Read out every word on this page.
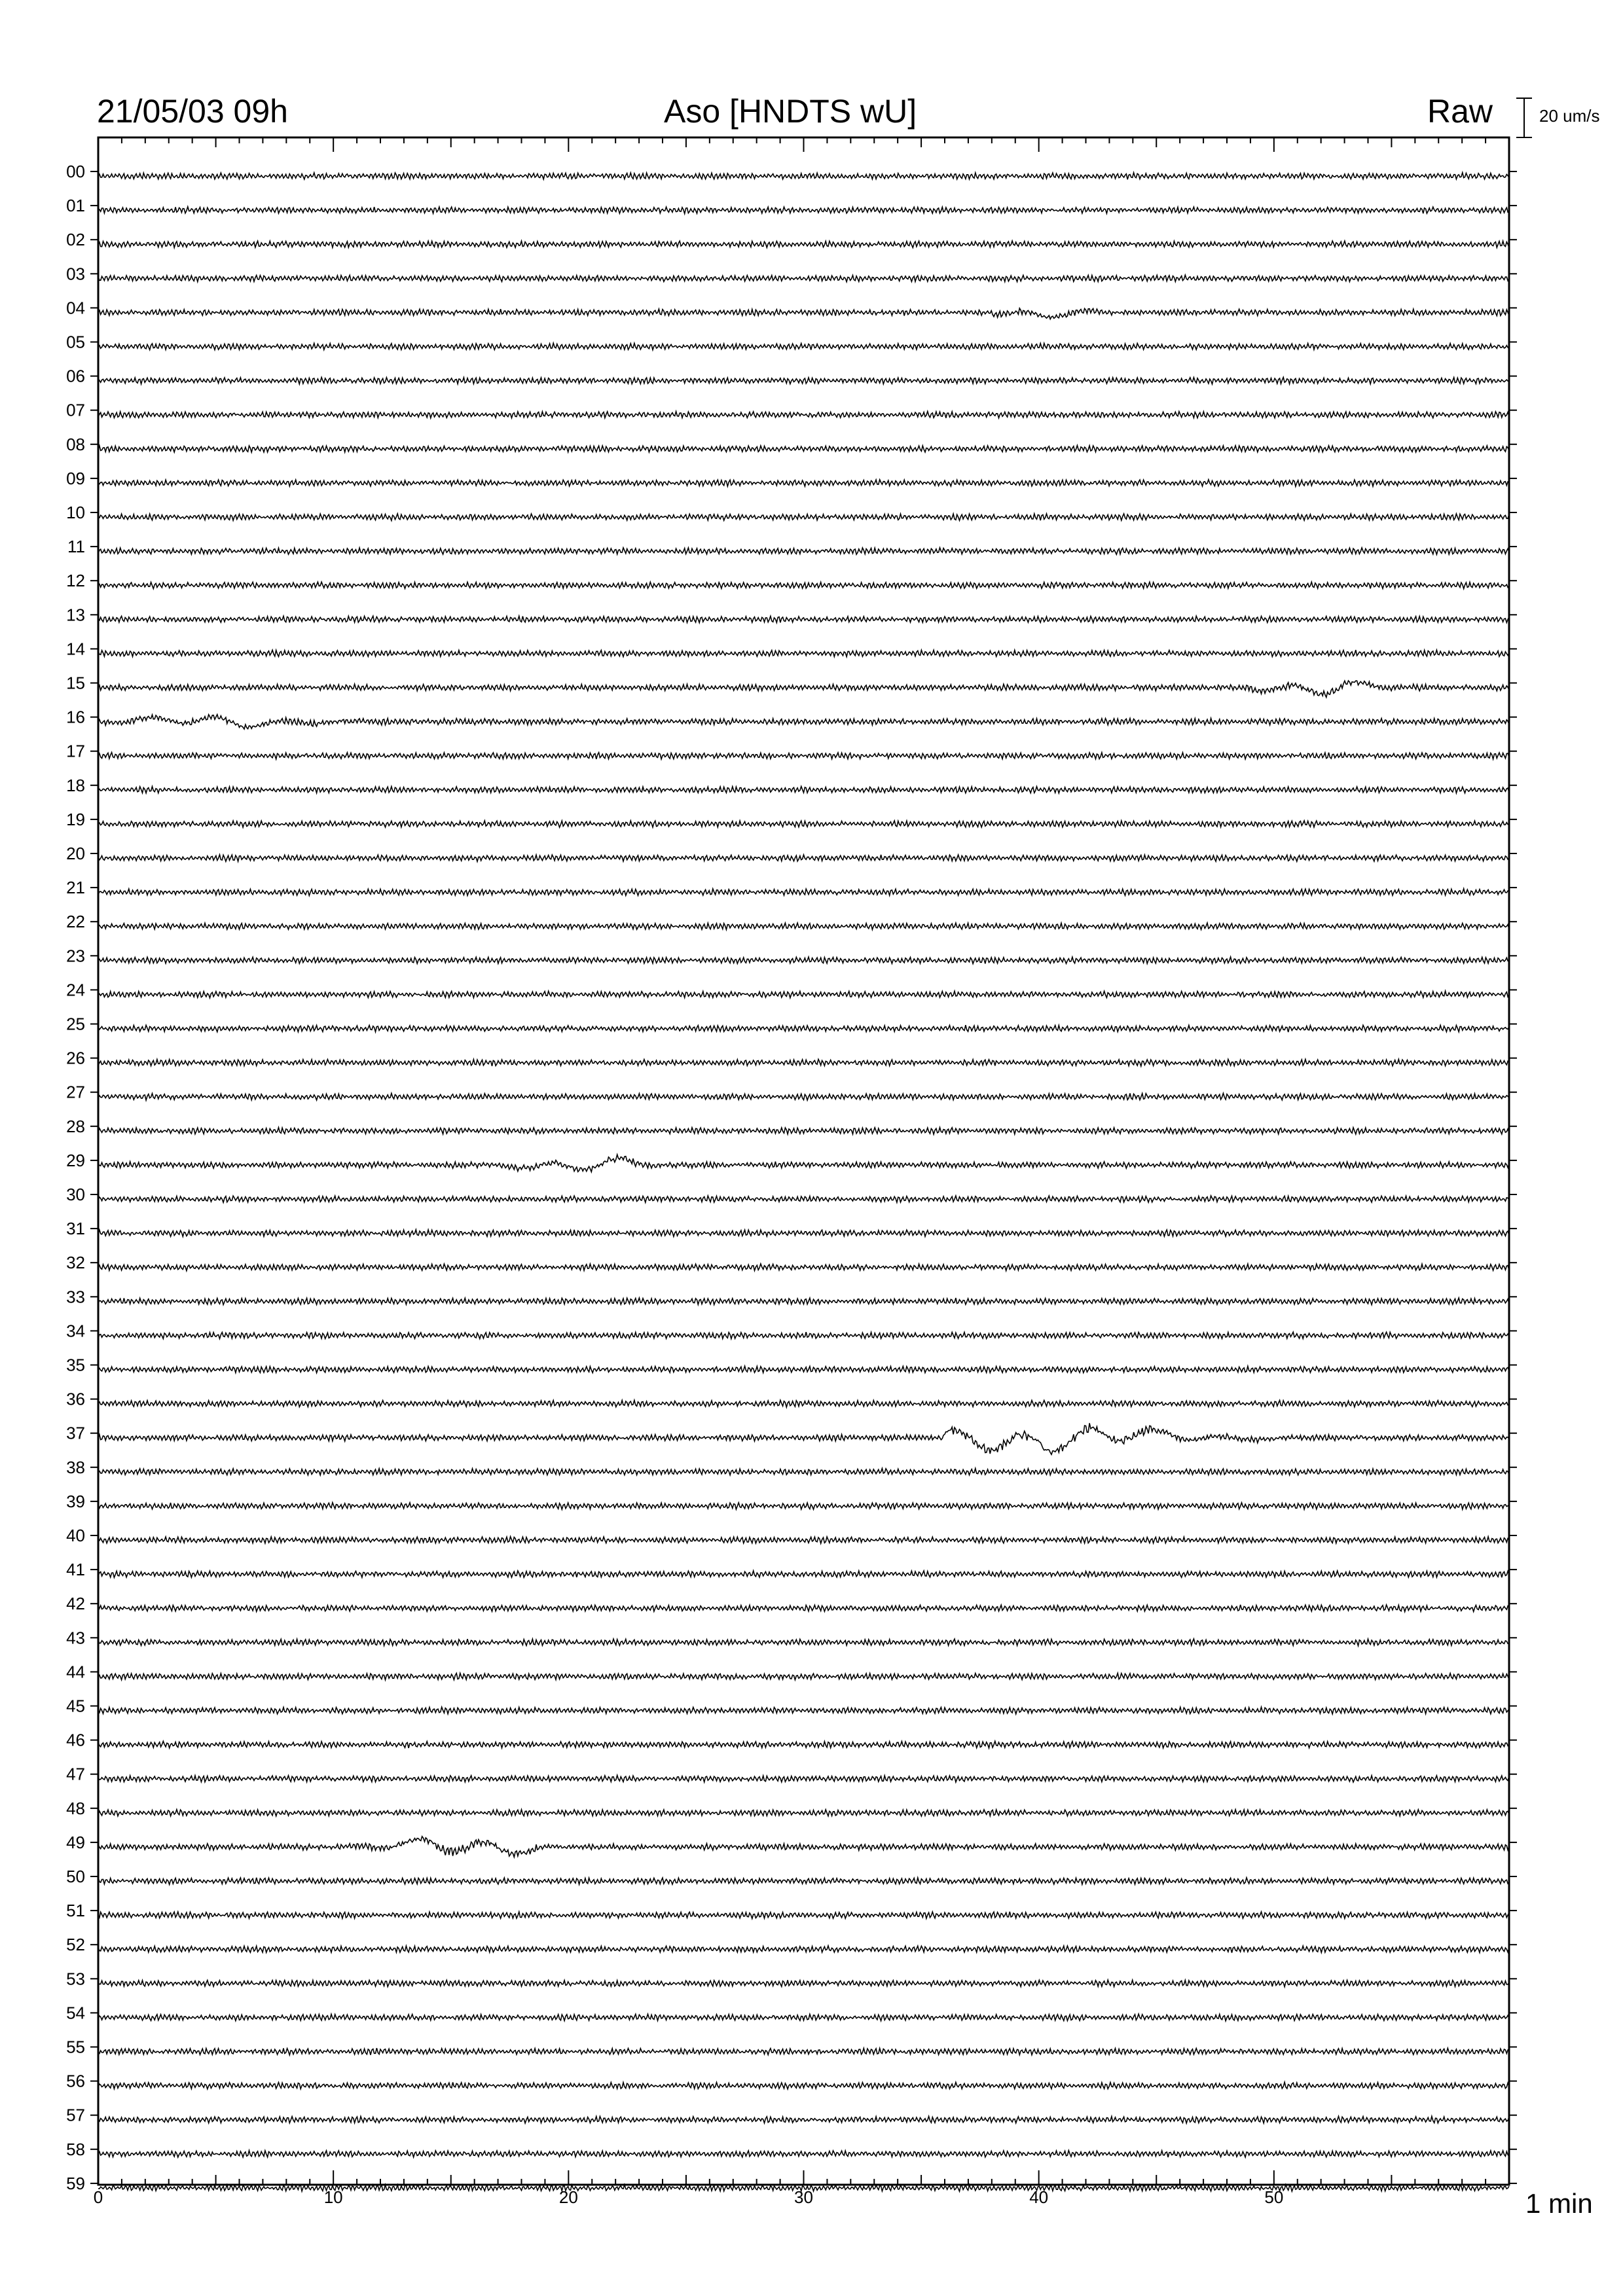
21/05/03 09h	Aso [HNDTS wU]	Raw	20 um/s
1 min
00
01
02
03
04
05
06
07
08
09
10
11
12
13
14
15
16
17
18
19
20
21
22
23
24
25
26
27
28
29
30
31
32
33
34
35
36
37
38
39
40
41
42
43
44
45
46
47
48
49
50
51
52
53
54
55
56
57
58
59
0	10	20	30	40	50
